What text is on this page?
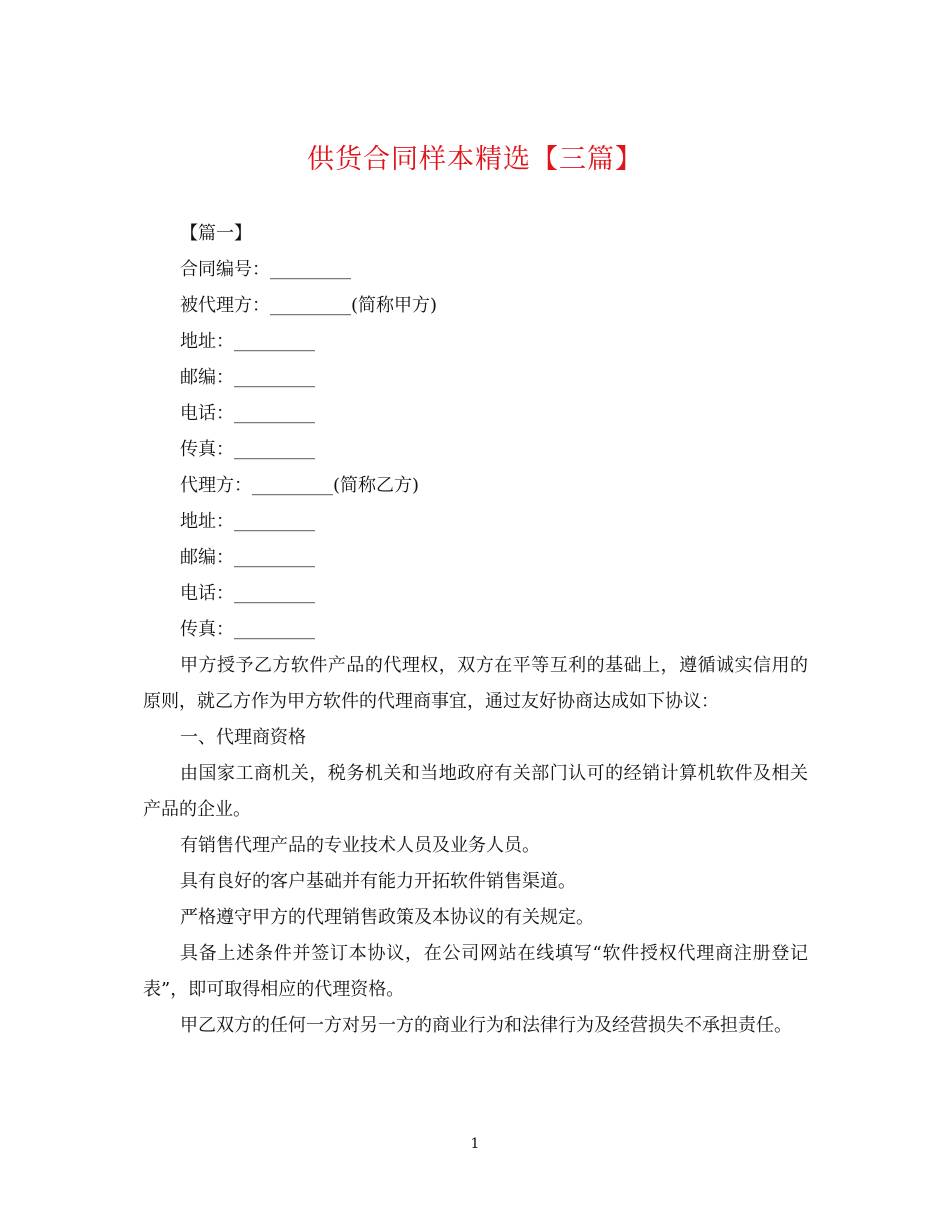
供货合同样本精选【三篇】
【篇一】
合同编号：_________
被代理方：_________(简称甲方)
地址：_________
邮编：_________
电话：_________
传真：_________
代理方：_________(简称乙方)
地址：_________
邮编：_________
电话：_________
传真：_________
甲方授予乙方软件产品的代理权，双方在平等互利的基础上，遵循诚实信用的原则，就乙方作为甲方软件的代理商事宜，通过友好协商达成如下协议：
一、代理商资格
由国家工商机关，税务机关和当地政府有关部门认可的经销计算机软件及相关产品的企业。
有销售代理产品的专业技术人员及业务人员。
具有良好的客户基础并有能力开拓软件销售渠道。
严格遵守甲方的代理销售政策及本协议的有关规定。
具备上述条件并签订本协议，在公司网站在线填写“软件授权代理商注册登记表”，即可取得相应的代理资格。
甲乙双方的任何一方对另一方的商业行为和法律行为及经营损失不承担责任。
1
